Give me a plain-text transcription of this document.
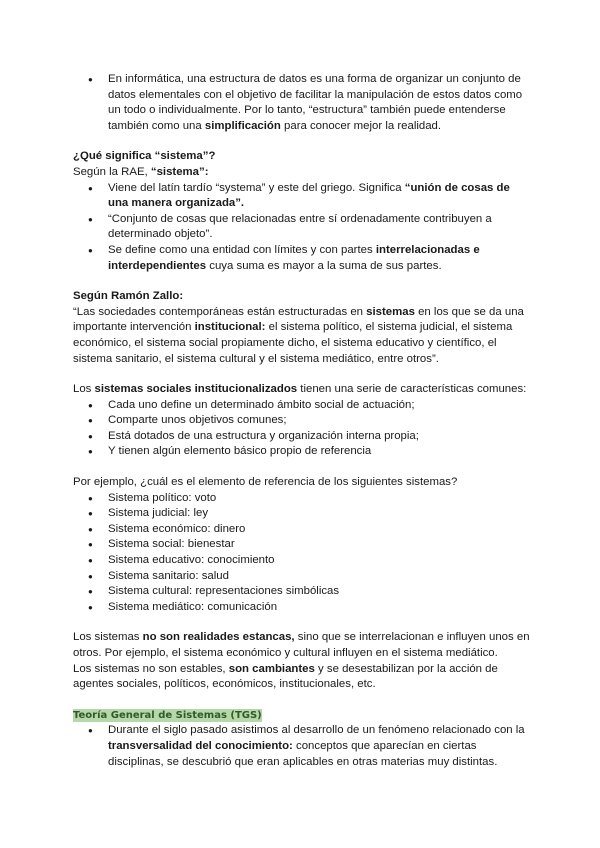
● En informática, una estructura de datos es una forma de organizar un conjunto de datos elementales con el objetivo de facilitar la manipulación de estos datos como un todo o individualmente. Por lo tanto, “estructura” también puede entenderse también como una simplificación para conocer mejor la realidad.

¿Qué significa “sistema”?

Según la RAE, “sistema”:

● Viene del latín tardío “system​a” y este del griego. Significa “unión de cosas de una manera organizada”.

● “Conjunto de cosas que relacionadas entre sí ordenadamente contribuyen a determinado objeto”.

● Se define como una entidad con límites y con partes interrelacionadas e interdependientes cuya suma es mayor a la suma de sus partes.

Según Ramón Zallo:

“Las sociedades contemporáneas están estructuradas en sistemas en los que se da una importante intervención institucional: el sistema político, el sistema judicial, el sistema económico, el sistema social propiamente dicho, el sistema educativo y científico, el sistema sanitario, el sistema cultural y el sistema mediático, entre otros”.

Los sistemas sociales institucionalizados tienen una serie de características comunes:

● Cada uno define un determinado ámbito social de actuación;

● Comparte unos objetivos comunes;

● Está dotados de una estructura y organización interna propia;

● Y tienen algún elemento básico propio de referencia

Por ejemplo, ¿cuál es el elemento de referencia de los siguientes sistemas?

● Sistema político: voto

● Sistema judicial: ley

● Sistema económico: dinero

● Sistema social: bienestar

● Sistema educativo: conocimiento

● Sistema sanitario: salud

● Sistema cultural: representaciones simbólicas

● Sistema mediático: comunicación

Los sistemas no son realidades estancas, sino que se interrelacionan e influyen unos en otros. Por ejemplo, el sistema económico y cultural influyen en el sistema mediático.

Los sistemas no son estables, son cambiantes y se desestabilizan por la acción de agentes sociales, políticos, económicos, institucionales, etc.

Teoría General de Sistemas (TGS)

● Durante el siglo pasado asistimos al desarrollo de un fenómeno relacionado con la transversalidad del conocimiento: conceptos que aparecían en ciertas disciplinas, se descubrió que eran aplicables en otras materias muy distintas.
